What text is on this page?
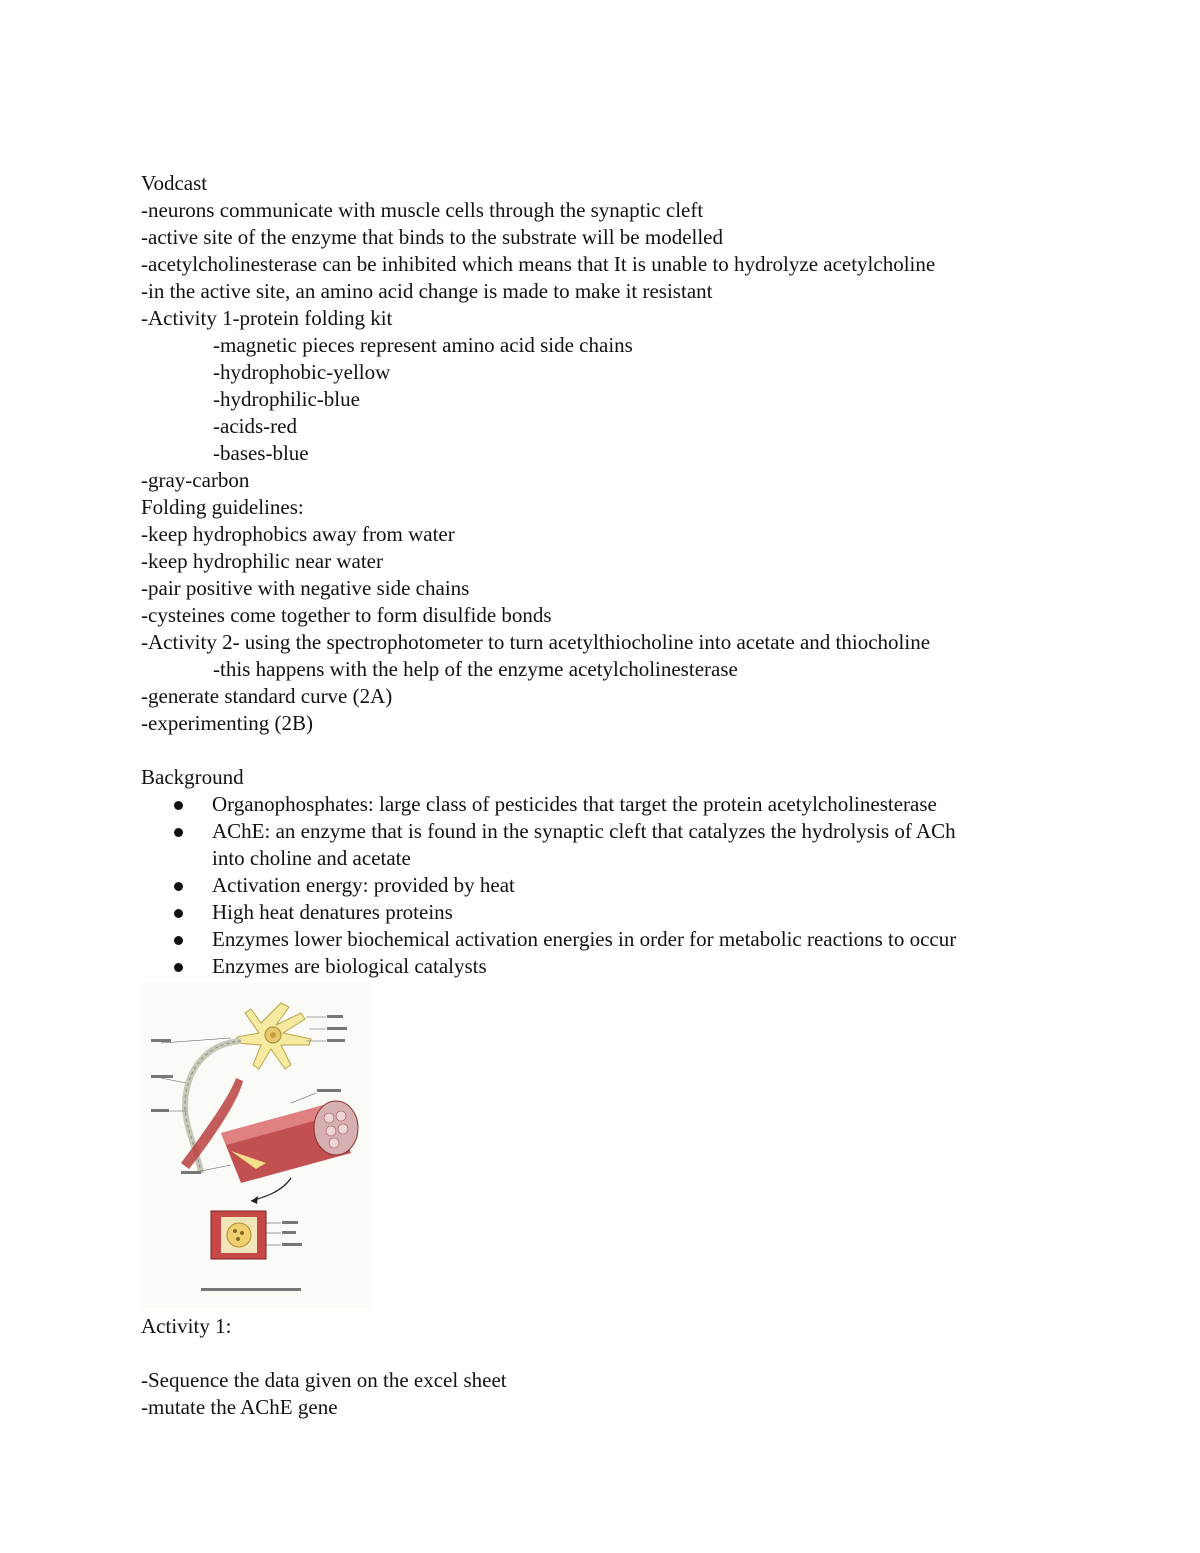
Vodcast
-neurons communicate with muscle cells through the synaptic cleft
-active site of the enzyme that binds to the substrate will be modelled
-acetylcholinesterase can be inhibited which means that It is unable to hydrolyze acetylcholine
-in the active site, an amino acid change is made to make it resistant
-Activity 1-protein folding kit
-magnetic pieces represent amino acid side chains
-hydrophobic-yellow
-hydrophilic-blue
-acids-red
-bases-blue
-gray-carbon
Folding guidelines:
-keep hydrophobics away from water
-keep hydrophilic near water
-pair positive with negative side chains
-cysteines come together to form disulfide bonds
-Activity 2- using the spectrophotometer to turn acetylthiocholine into acetate and thiocholine
-this happens with the help of the enzyme acetylcholinesterase
-generate standard curve (2A)
-experimenting (2B)
Background
Organophosphates: large class of pesticides that target the protein acetylcholinesterase
AChE: an enzyme that is found in the synaptic cleft that catalyzes the hydrolysis of ACh
into choline and acetate
Activation energy: provided by heat
High heat denatures proteins
Enzymes lower biochemical activation energies in order for metabolic reactions to occur
Enzymes are biological catalysts
Activity 1:
-Sequence the data given on the excel sheet
-mutate the AChE gene
